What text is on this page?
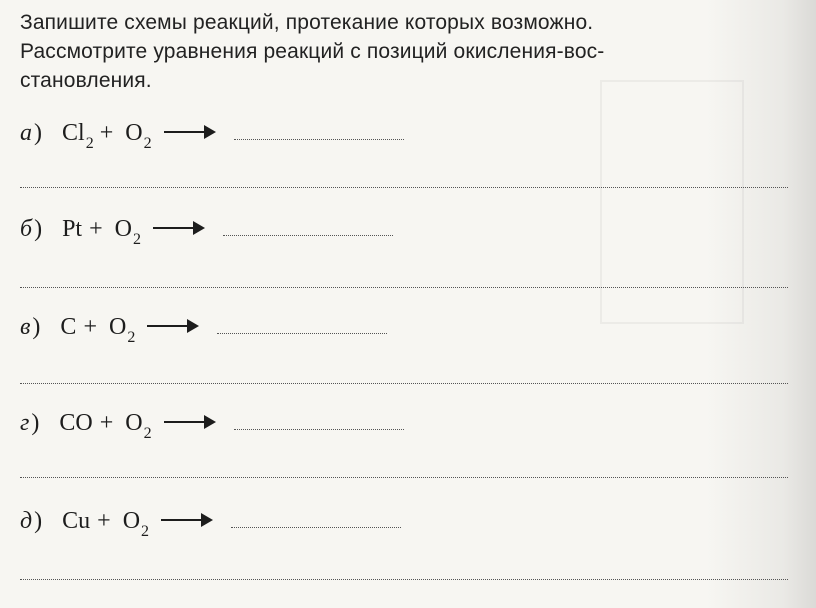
Запишите схемы реакций, протекание которых возможно.
Рассмотрите уравнения реакций с позиций окисления-вос-
становления.
а) $Cl_2 + O_2$
б) $Pt + O_2$
в) $C + O_2$
г) CO + $O_2$
д) $Cu + O_2$
